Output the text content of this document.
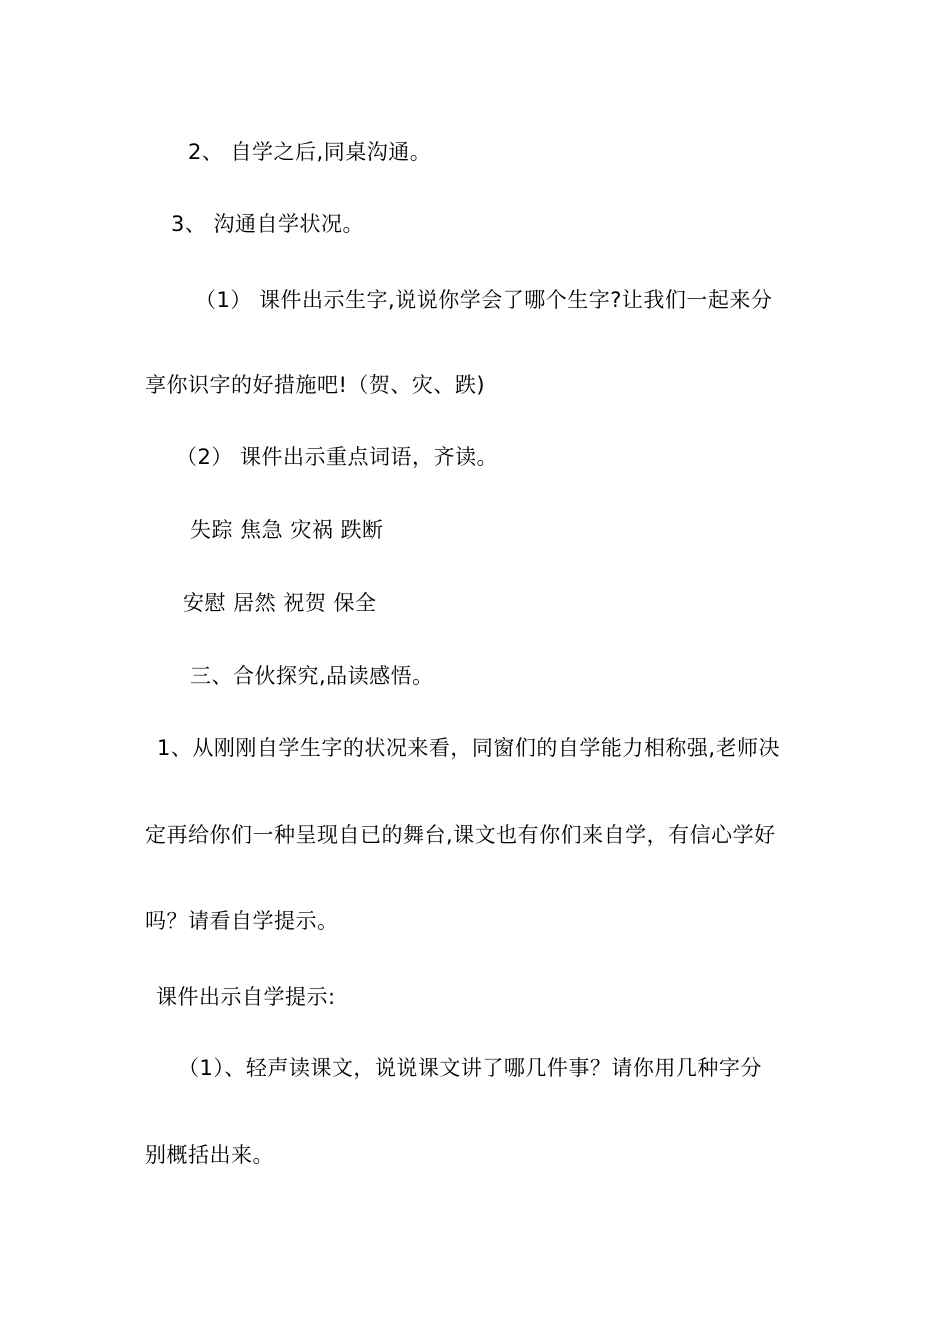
2、 自学之后,同桌沟通。
3、 沟通自学状况。
（1） 课件出示生字,说说你学会了哪个生字?让我们一起来分
享你识字的好措施吧!（贺、灾、跌)
（2） 课件出示重点词语，齐读。
失踪 焦急 灾祸 跌断
安慰 居然 祝贺 保全
三、合伙探究,品读感悟。
1、从刚刚自学生字的状况来看，同窗们的自学能力相称强,老师决
定再给你们一种呈现自已的舞台,课文也有你们来自学，有信心学好
吗？请看自学提示。
课件出示自学提示:
（1）、轻声读课文，说说课文讲了哪几件事？请你用几种字分
别概括出来。
